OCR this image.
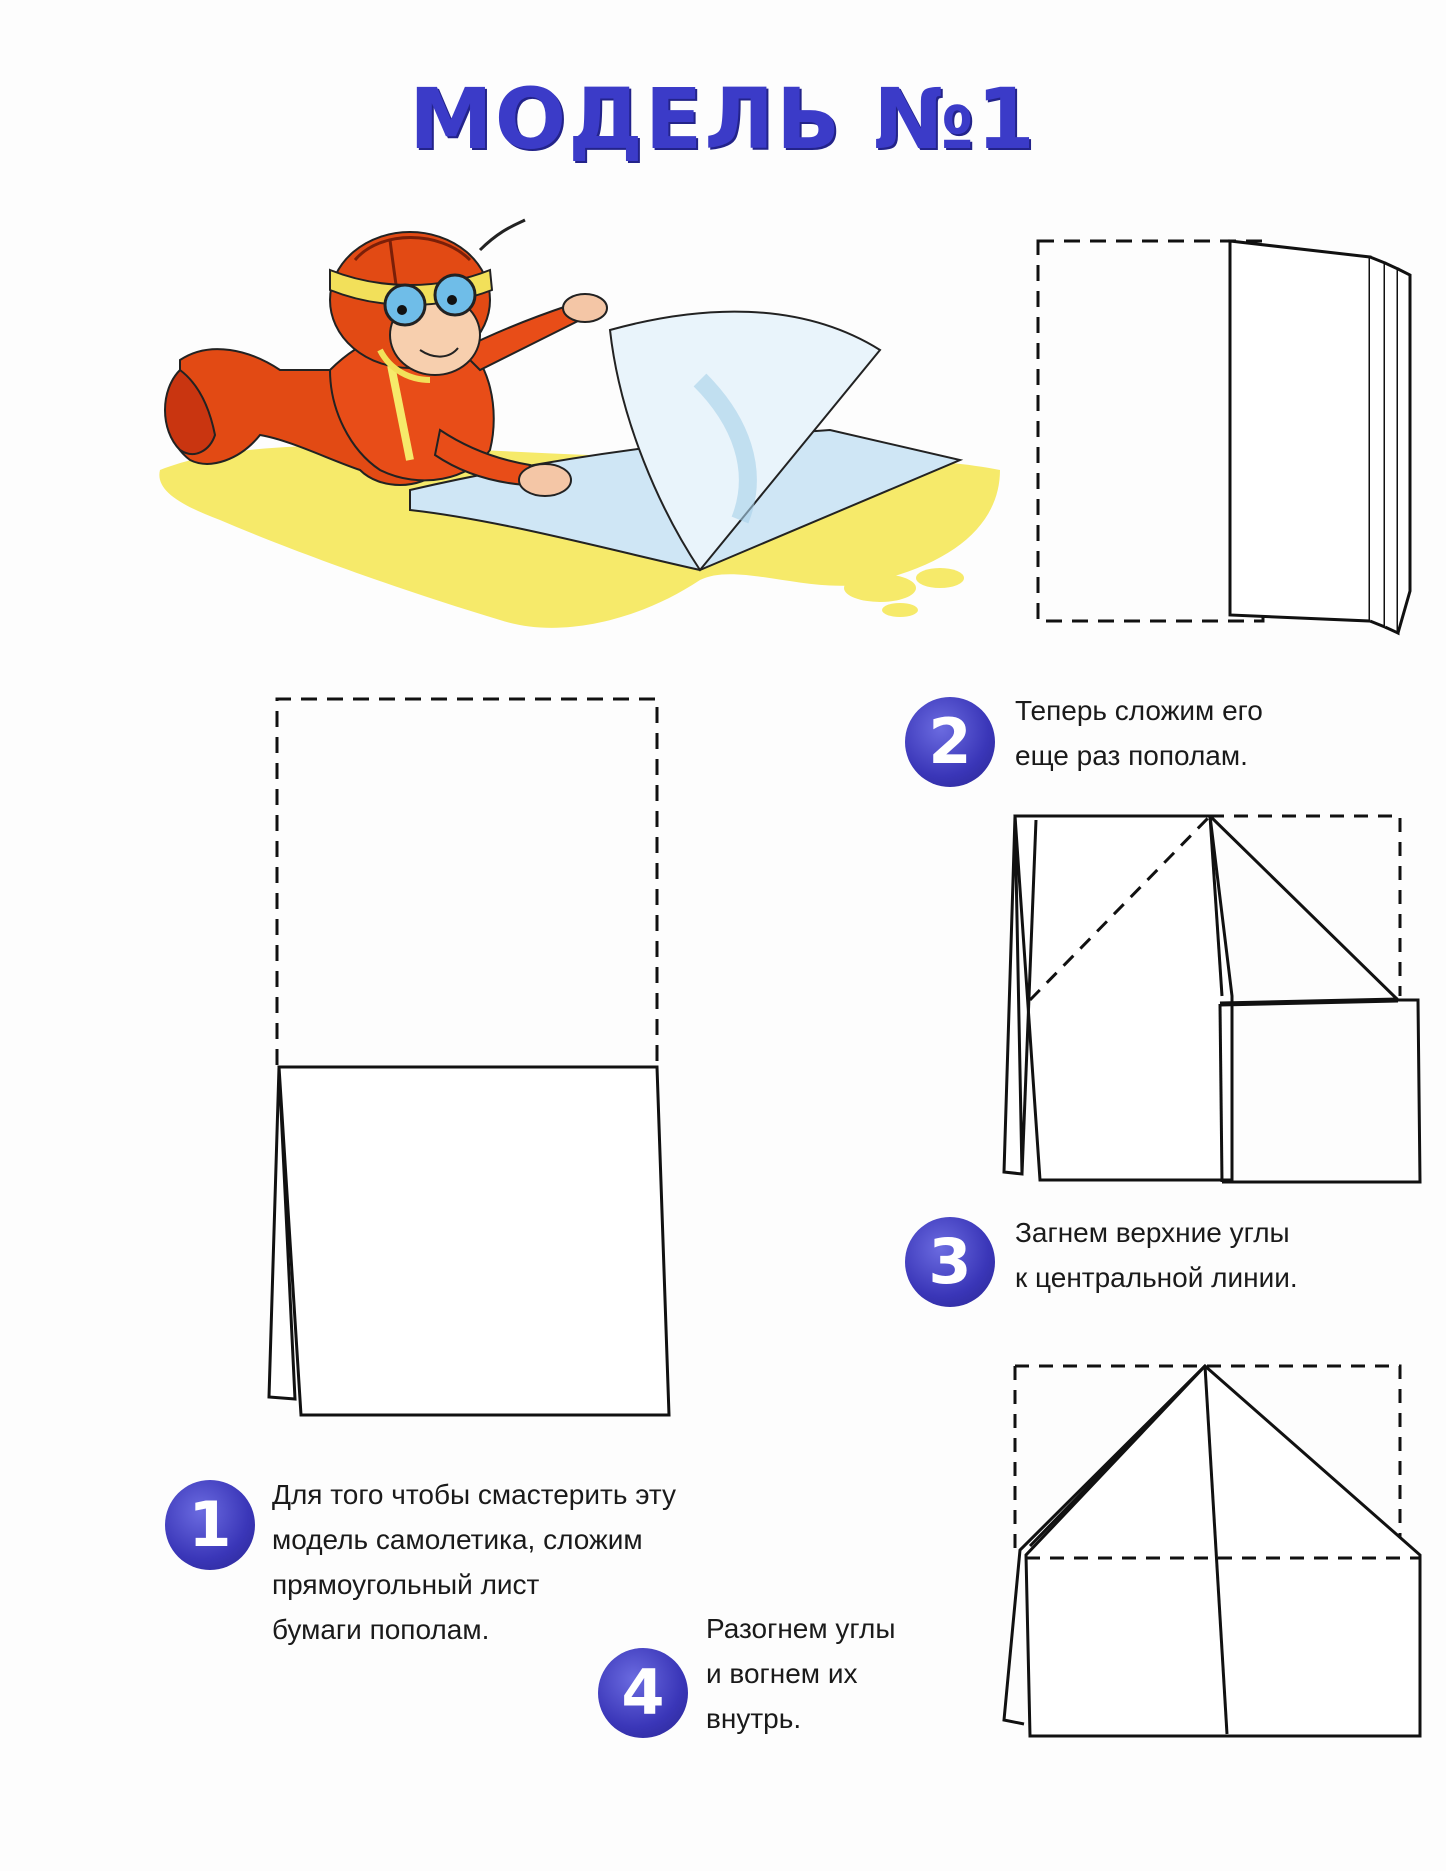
МОДЕЛЬ №1
1	Для того чтобы смастерить эту
модель самолетика, сложим
прямоугольный лист
бумаги пополам.
2	Теперь сложим его
еще раз пополам.
3	Загнем верхние углы
к центральной линии.
4
Разогнем углы
и вогнем их
внутрь.
